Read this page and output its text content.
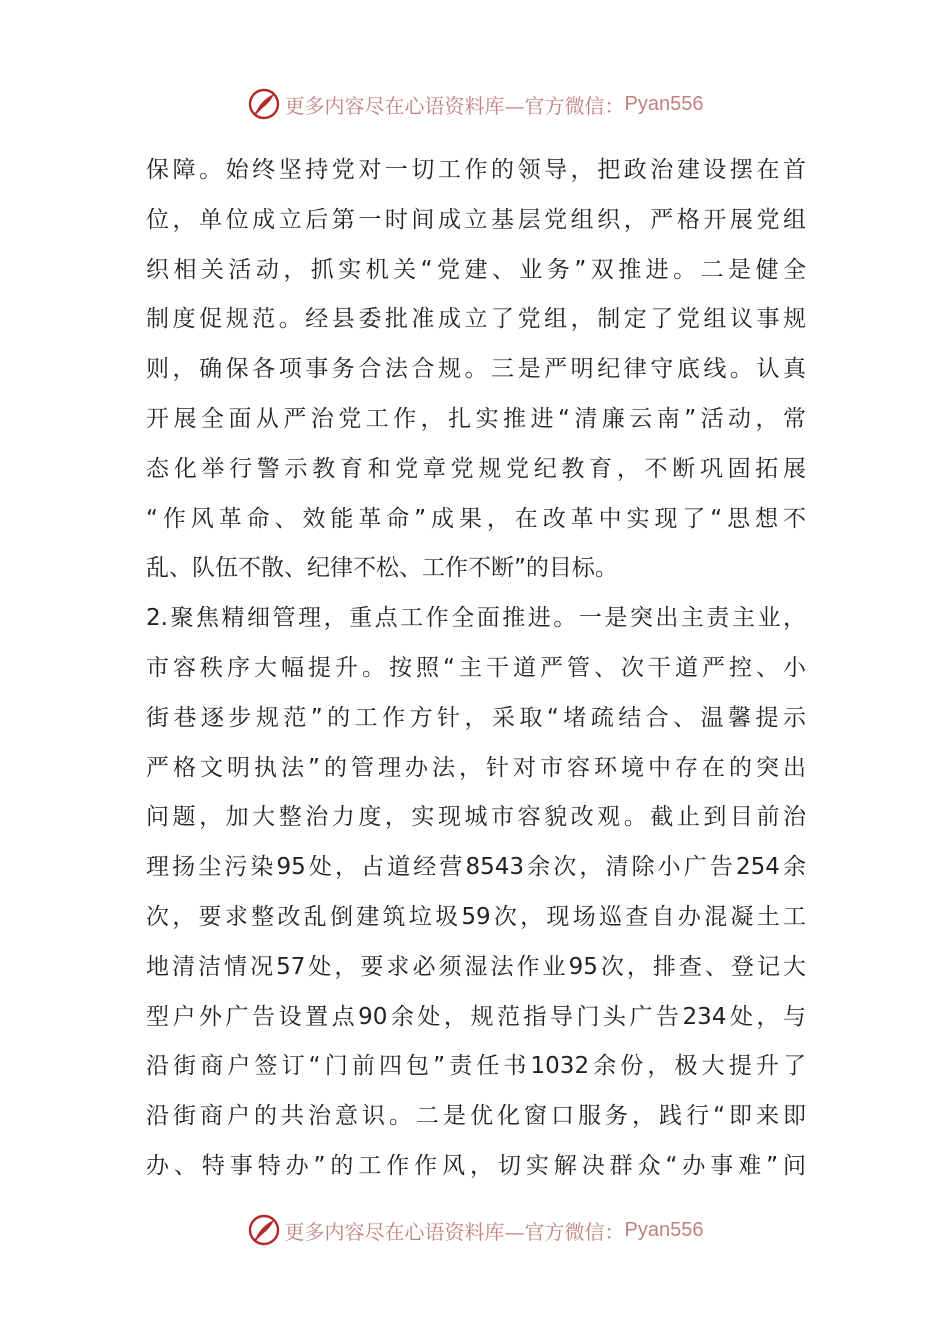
更多内容尽在心语资料库—官方微信： Pyan556
保障。始终坚持党对一切工作的领导，把政治建设摆在首
位，单位成立后第一时间成立基层党组织，严格开展党组
织相关活动，抓实机关“党建、业务”双推进。二是健全
制度促规范。经县委批准成立了党组，制定了党组议事规
则，确保各项事务合法合规。三是严明纪律守底线。认真
开展全面从严治党工作，扎实推进“清廉云南”活动，常
态化举行警示教育和党章党规党纪教育，不断巩固拓展
“作风革命、效能革命”成果，在改革中实现了“思想不
乱、队伍不散、纪律不松、工作不断”的目标。
2.聚焦精细管理，重点工作全面推进。一是突出主责主业，
市容秩序大幅提升。按照“主干道严管、次干道严控、小
街巷逐步规范”的工作方针，采取“堵疏结合、温馨提示
严格文明执法”的管理办法，针对市容环境中存在的突出
问题，加大整治力度，实现城市容貌改观。截止到目前治
理扬尘污染95处，占道经营8543余次，清除小广告254余
次，要求整改乱倒建筑垃圾59次，现场巡查自办混凝土工
地清洁情况57处，要求必须湿法作业95次，排查、登记大
型户外广告设置点90余处，规范指导门头广告234处，与
沿街商户签订“门前四包”责任书1032余份，极大提升了
沿街商户的共治意识。二是优化窗口服务，践行“即来即
办、特事特办”的工作作风，切实解决群众“办事难”问
更多内容尽在心语资料库—官方微信： Pyan556
